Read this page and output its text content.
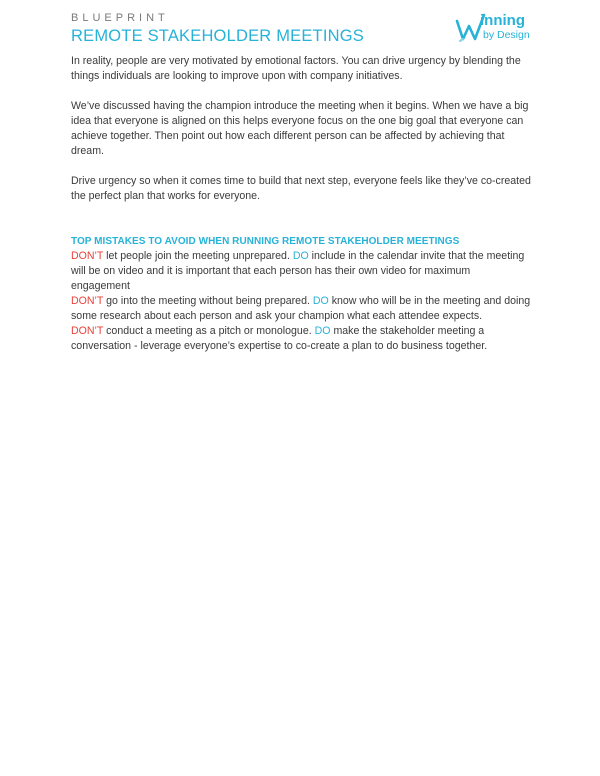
BLUEPRINT
REMOTE STAKEHOLDER MEETINGS
inning
by Design

In reality, people are very motivated by emotional factors. You can drive urgency by blending the things individuals are looking to improve upon with company initiatives.

We’ve discussed having the champion introduce the meeting when it begins. When we have a big idea that everyone is aligned on this helps everyone focus on the one big goal that everyone can achieve together. Then point out how each different person can be affected by achieving that dream.

Drive urgency so when it comes time to build that next step, everyone feels like they’ve co-created the perfect plan that works for everyone.

TOP MISTAKES TO AVOID WHEN RUNNING REMOTE STAKEHOLDER MEETINGS

DON’T let people join the meeting unprepared. DO include in the calendar invite that the meeting will be on video and it is important that each person has their own video for maximum engagement

DON’T go into the meeting without being prepared. DO know who will be in the meeting and doing some research about each person and ask your champion what each attendee expects.

DON’T conduct a meeting as a pitch or monologue. DO make the stakeholder meeting a conversation - leverage everyone’s expertise to co-create a plan to do business together.
